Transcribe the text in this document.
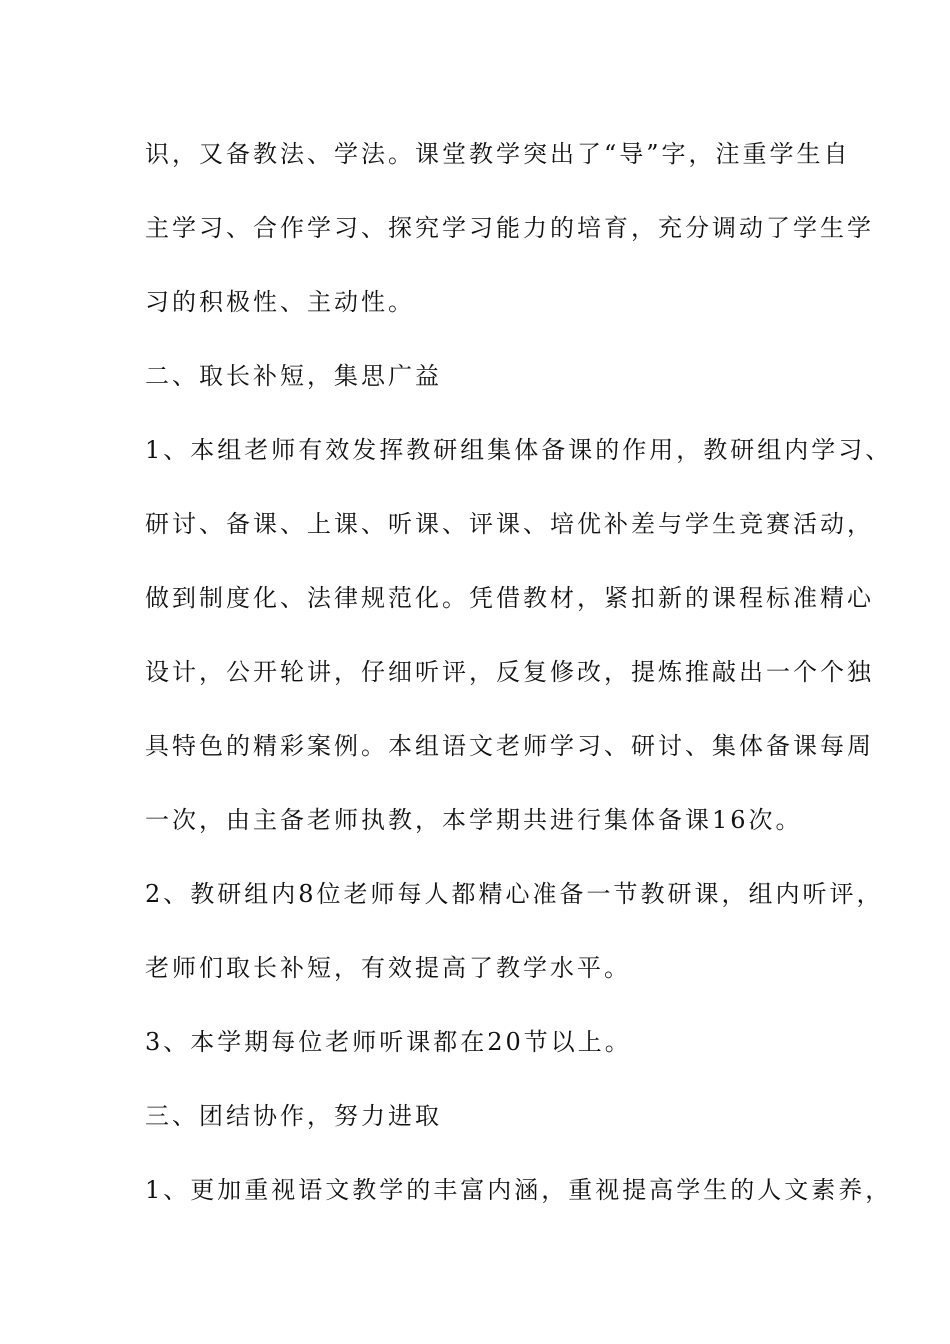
识，又备教法、学法。课堂教学突出了“导”字，注重学生自
主学习、合作学习、探究学习能力的培育，充分调动了学生学
习的积极性、主动性。
二、取长补短，集思广益
1、本组老师有效发挥教研组集体备课的作用，教研组内学习、
研讨、备课、上课、听课、评课、培优补差与学生竞赛活动，
做到制度化、法律规范化。凭借教材，紧扣新的课程标准精心
设计，公开轮讲，仔细听评，反复修改，提炼推敲出一个个独
具特色的精彩案例。本组语文老师学习、研讨、集体备课每周
一次，由主备老师执教，本学期共进行集体备课16次。
2、教研组内8位老师每人都精心准备一节教研课，组内听评，
老师们取长补短，有效提高了教学水平。
3、本学期每位老师听课都在20节以上。
三、团结协作，努力进取
1、更加重视语文教学的丰富内涵，重视提高学生的人文素养，
